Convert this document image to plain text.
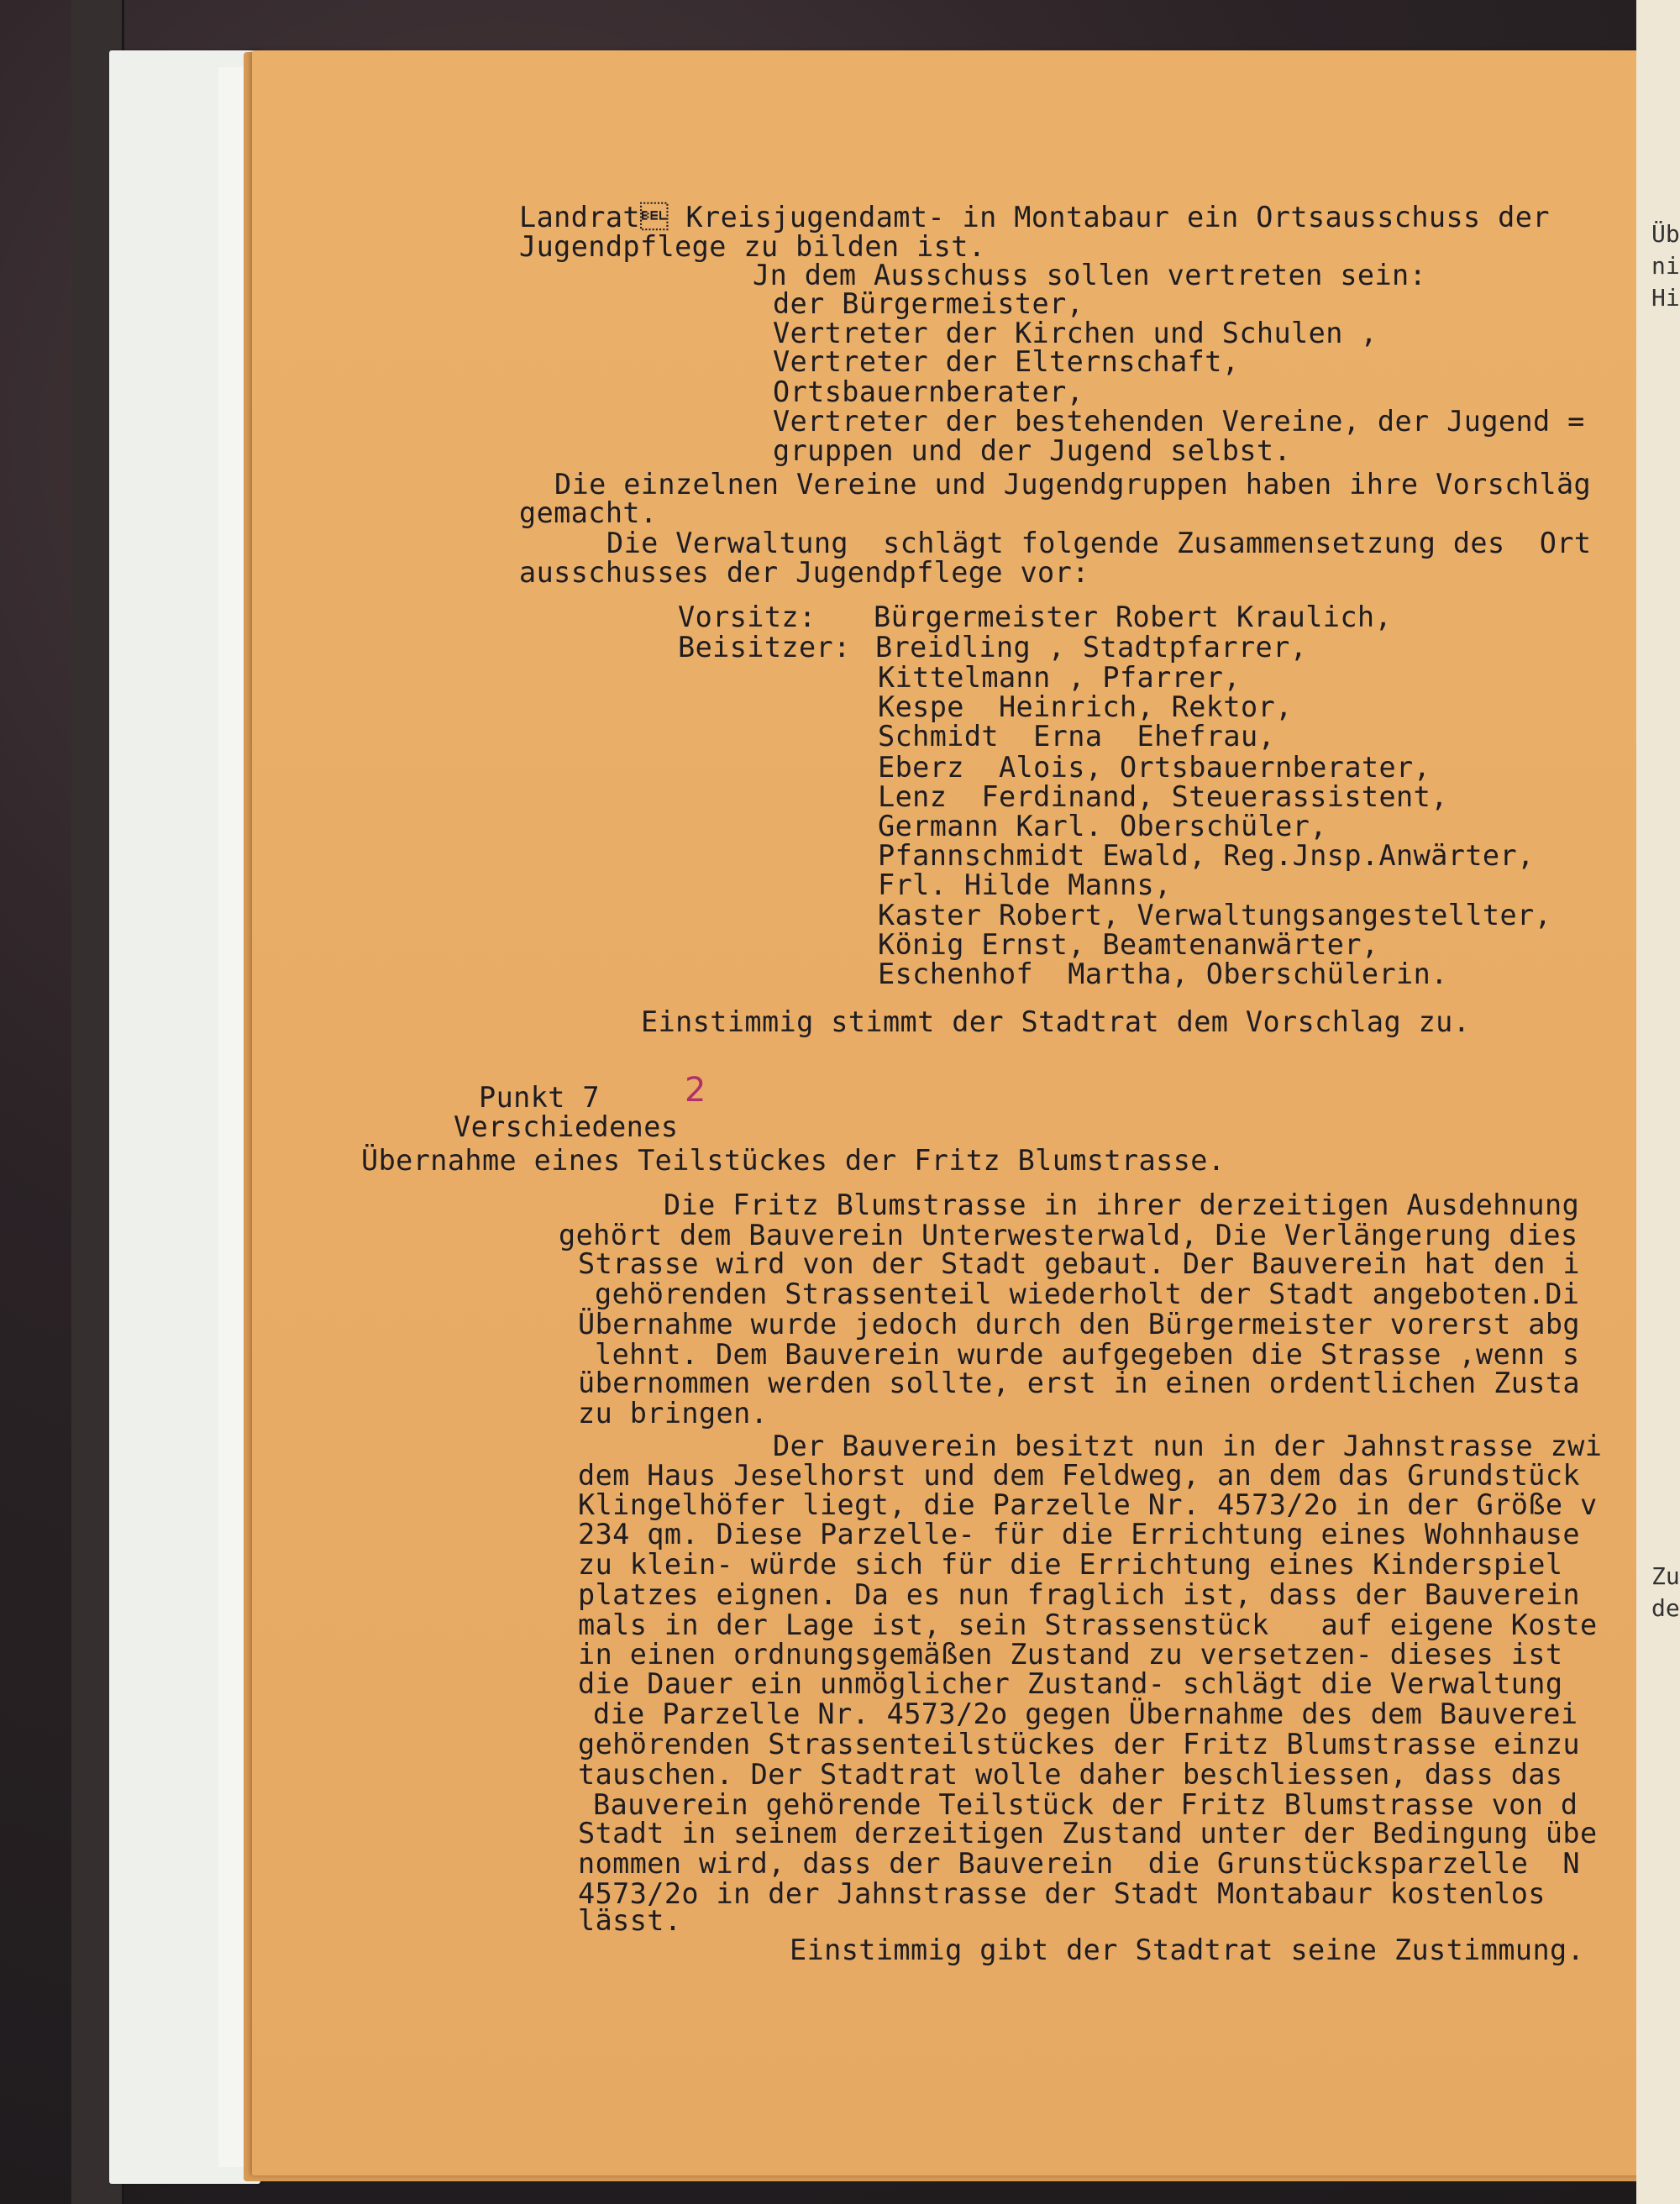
Üb
ni
Hi
Zu
de
Landrat Kreisjugendamt- in Montabaur ein Ortsausschuss der
Jugendpflege zu bilden ist.
Jn dem Ausschuss sollen vertreten sein:
der Bürgermeister,
Vertreter der Kirchen und Schulen ,
Vertreter der Elternschaft,
Ortsbauernberater,
Vertreter der bestehenden Vereine, der Jugend =
gruppen und der Jugend selbst.
Die einzelnen Vereine und Jugendgruppen haben ihre Vorschläg
gemacht.
Die Verwaltung  schlägt folgende Zusammensetzung des  Ort
ausschusses der Jugendpflege vor:
Vorsitz: Bürgermeister Robert Kraulich,
Beisitzer: Breidling , Stadtpfarrer,
Kittelmann , Pfarrer,
Kespe  Heinrich, Rektor,
Schmidt  Erna  Ehefrau,
Eberz  Alois, Ortsbauernberater,
Lenz  Ferdinand, Steuerassistent,
Germann Karl. Oberschüler,
Pfannschmidt Ewald, Reg.Jnsp.Anwärter,
Frl. Hilde Manns,
Kaster Robert, Verwaltungsangestellter,
König Ernst, Beamtenanwärter,
Eschenhof  Martha, Oberschülerin.
Einstimmig stimmt der Stadtrat dem Vorschlag zu.
Punkt 7	2
Verschiedenes
Übernahme eines Teilstückes der Fritz Blumstrasse.
Die Fritz Blumstrasse in ihrer derzeitigen Ausdehnung
gehört dem Bauverein Unterwesterwald, Die Verlängerung dies
Strasse wird von der Stadt gebaut. Der Bauverein hat den i
gehörenden Strassenteil wiederholt der Stadt angeboten.Di
Übernahme wurde jedoch durch den Bürgermeister vorerst abg
lehnt. Dem Bauverein wurde aufgegeben die Strasse ,wenn s
übernommen werden sollte, erst in einen ordentlichen Zusta
zu bringen.
Der Bauverein besitzt nun in der Jahnstrasse zwi
dem Haus Jeselhorst und dem Feldweg, an dem das Grundstück
Klingelhöfer liegt, die Parzelle Nr. 4573/2o in der Größe v
234 qm. Diese Parzelle- für die Errichtung eines Wohnhause
zu klein- würde sich für die Errichtung eines Kinderspiel
platzes eignen. Da es nun fraglich ist, dass der Bauverein
mals in der Lage ist, sein Strassenstück   auf eigene Koste
in einen ordnungsgemäßen Zustand zu versetzen- dieses ist
die Dauer ein unmöglicher Zustand- schlägt die Verwaltung
die Parzelle Nr. 4573/2o gegen Übernahme des dem Bauverei
gehörenden Strassenteilstückes der Fritz Blumstrasse einzu
tauschen. Der Stadtrat wolle daher beschliessen, dass das
Bauverein gehörende Teilstück der Fritz Blumstrasse von d
Stadt in seinem derzeitigen Zustand unter der Bedingung übe
nommen wird, dass der Bauverein  die Grunstücksparzelle  N
4573/2o in der Jahnstrasse der Stadt Montabaur kostenlos
lässt.
Einstimmig gibt der Stadtrat seine Zustimmung.
